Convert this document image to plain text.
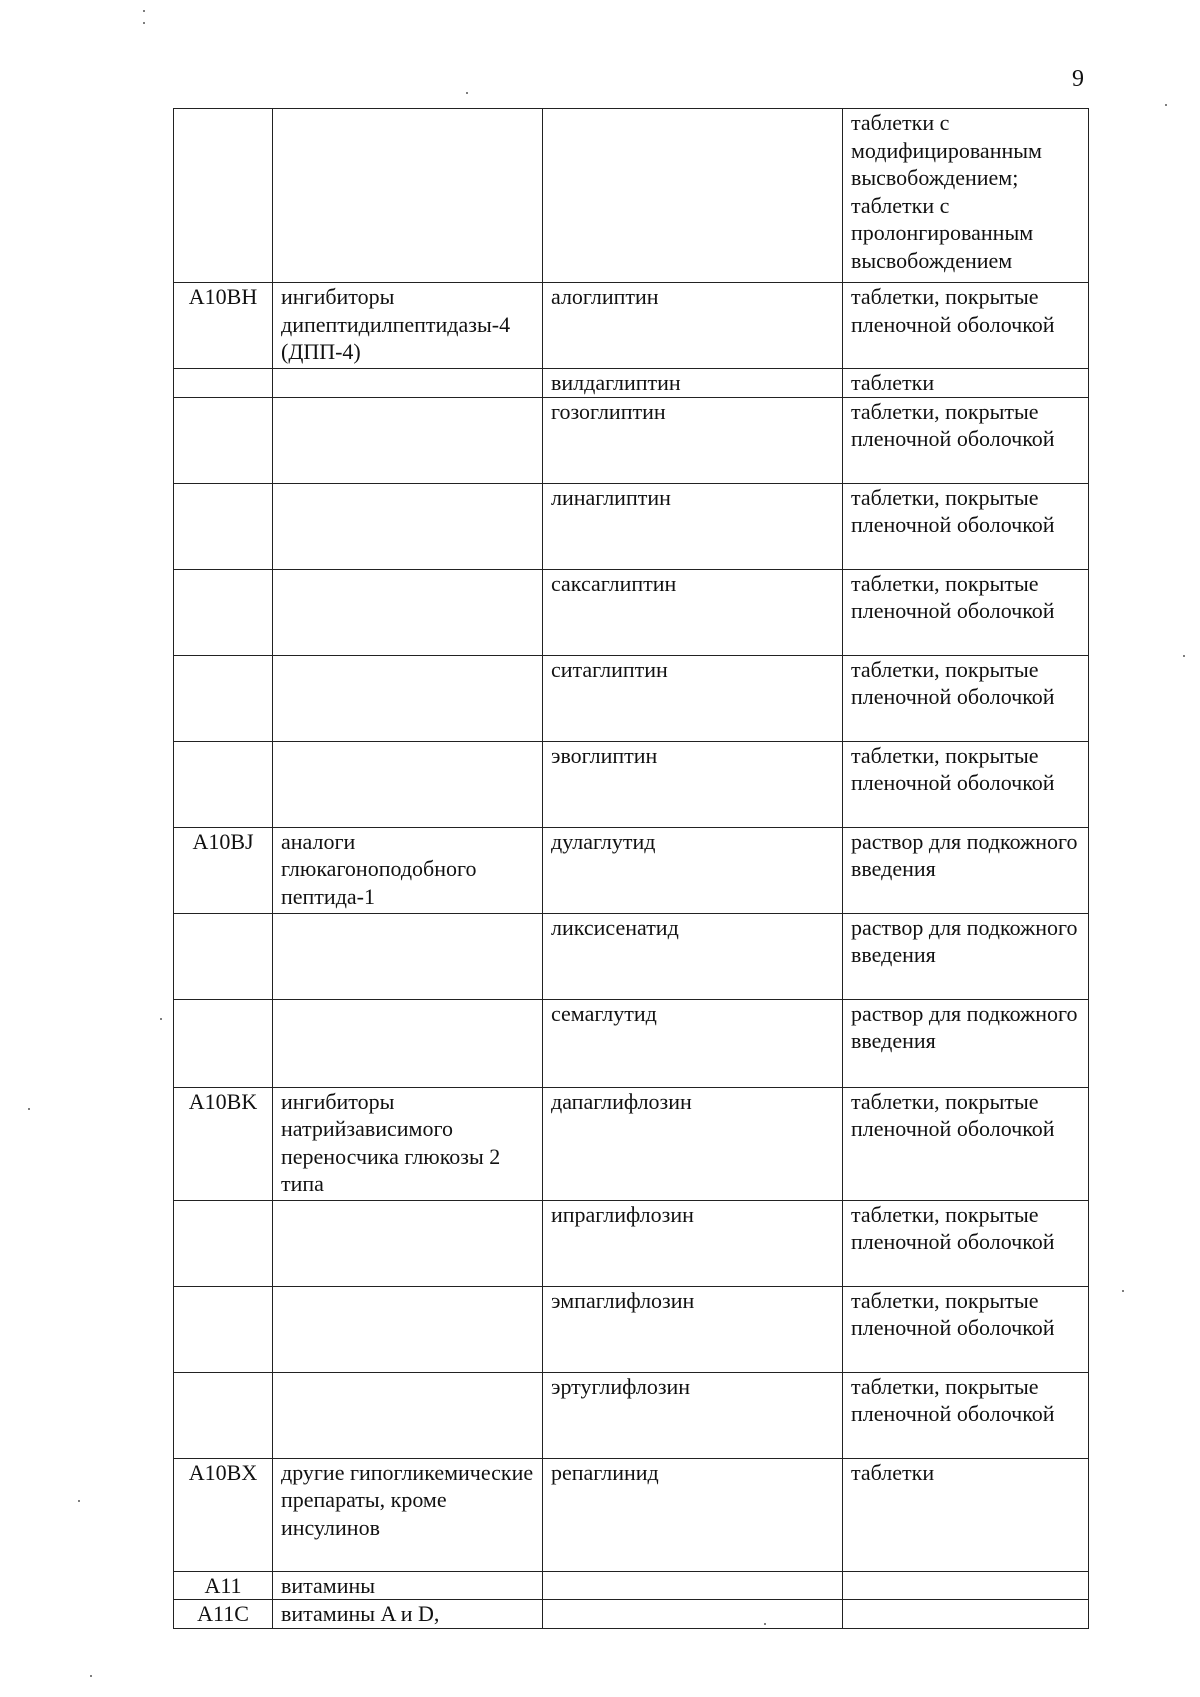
9
			таблетки с модифицированным высвобождением; таблетки с пролонгированным высвобождением
A10BH	ингибиторы дипептидилпептидазы-4 (ДПП-4)	алоглиптин	таблетки, покрытые пленочной оболочкой
		вилдаглиптин	таблетки
		гозоглиптин	таблетки, покрытые пленочной оболочкой
		линаглиптин	таблетки, покрытые пленочной оболочкой
		саксаглиптин	таблетки, покрытые пленочной оболочкой
		ситаглиптин	таблетки, покрытые пленочной оболочкой
		эвоглиптин	таблетки, покрытые пленочной оболочкой
A10BJ	аналоги глюкагоноподобного пептида-1	дулаглутид	раствор для подкожного введения
		ликсисенатид	раствор для подкожного введения
		семаглутид	раствор для подкожного введения
A10BK	ингибиторы натрийзависимого переносчика глюкозы 2 типа	дапаглифлозин	таблетки, покрытые пленочной оболочкой
		ипраглифлозин	таблетки, покрытые пленочной оболочкой
		эмпаглифлозин	таблетки, покрытые пленочной оболочкой
		эртуглифлозин	таблетки, покрытые пленочной оболочкой
A10BX	другие гипогликемические препараты, кроме инсулинов	репаглинид	таблетки
A11	витамины		
A11C	витамины A и D,		
